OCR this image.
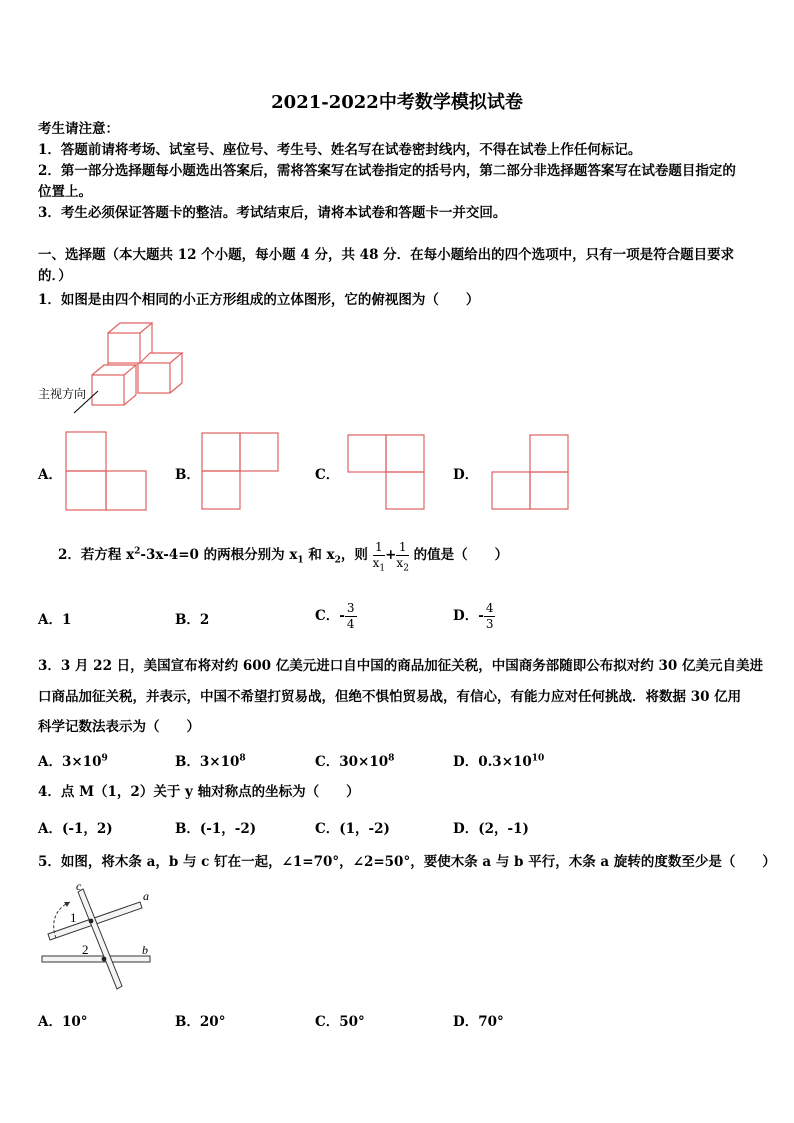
2021-2022中考数学模拟试卷
考生请注意：
1．答题前请将考场、试室号、座位号、考生号、姓名写在试卷密封线内，不得在试卷上作任何标记。
2．第一部分选择题每小题选出答案后，需将答案写在试卷指定的括号内，第二部分非选择题答案写在试卷题目指定的
位置上。
3．考生必须保证答题卡的整洁。考试结束后，请将本试卷和答题卡一并交回。
一、选择题（本大题共 12 个小题，每小题 4 分，共 48 分．在每小题给出的四个选项中，只有一项是符合题目要求
的．）
1．如图是由四个相同的小正方形组成的立体图形，它的俯视图为（　　）
主视方向
A．	B．	C．	D．
2．若方程 $x^2-3x-4=0$ 的两根分别为 $x_1$ 和 $x_2$，则 $\frac{1}{x_1} + \frac{1}{x_2}$ 的值是（　　）
A．1	B．2	C．- $\frac{3}{4}$	D．- $\frac{4}{3}$
3．3 月 22 日，美国宣布将对约 600 亿美元进口自中国的商品加征关税，中国商务部随即公布拟对约 30 亿美元自美进
口商品加征关税，并表示，中国不希望打贸易战，但绝不惧怕贸易战，有信心，有能力应对任何挑战．将数据 30 亿用
科学记数法表示为（　　）
A．$3\times 10^9$	B．$3\times 10^8$	C．$30\times 10^8$	D．$0.3\times 10^{10}$
4．点 M（1，2）关于 y 轴对称点的坐标为（　　）
A．(-1，2)	B．(-1，-2)	C．(1，-2)	D．(2，-1)
5．如图，将木条 a，b 与 c 钉在一起，∠1=70°，∠2=50°，要使木条 a 与 b 平行，木条 a 旋转的度数至少是（　　）
c
a
b
1
2
A．10°	B．20°	C．50°	D．70°
